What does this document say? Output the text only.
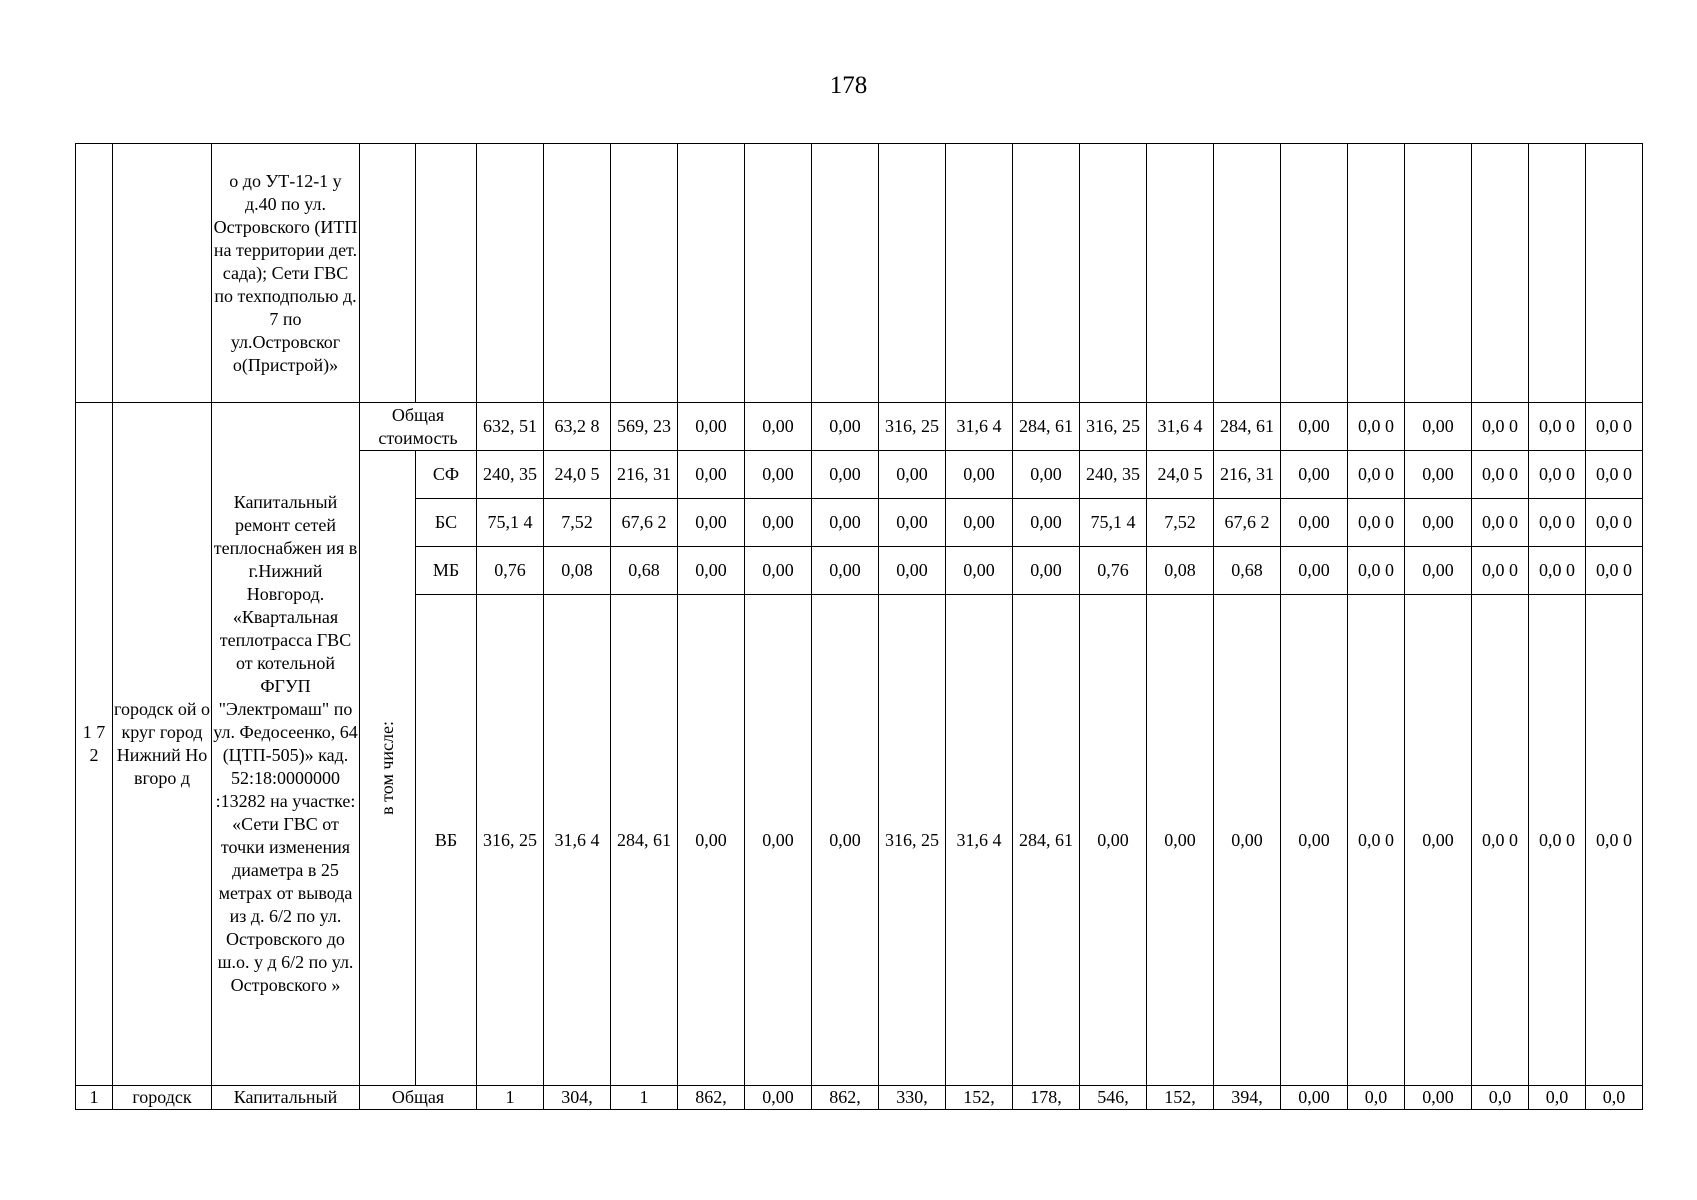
178
		о до УТ-12-1 у д.40 по ул. Островского (ИТП на территории дет. сада); Сети ГВС по техподполью д. 7 по ул.Островског о(Пристрой)»																				
1 7 2	городск ой округ город Нижний Новгоро д	Капитальный ремонт сетей теплоснабжен ия в г.Нижний Новгород. «Квартальная теплотрасса ГВС от котельной ФГУП "Электромаш" по ул. Федосеенко, 64 (ЦТП-505)» кад. 52:18:0000000 :13282 на участке: «Сети ГВС от точки изменения диаметра в 25 метрах от вывода из д. 6/2 по ул. Островского до ш.о. у д 6/2 по ул. Островского »	Общая стоимость		632, 51	63,2 8	569, 23	0,00	0,00	0,00	316, 25	31,6 4	284, 61	316, 25	31,6 4	284, 61	0,00	0,0 0	0,00	0,0 0	0,0 0	0,0 0

			в том числе:	СФ	240, 35	24,0 5	216, 31	0,00	0,00	0,00	0,00	0,00	0,00	240, 35	24,0 5	216, 31	0,00	0,0 0	0,00	0,0 0	0,0 0	0,0 0
				БС	75,1 4	7,52	67,6 2	0,00	0,00	0,00	0,00	0,00	0,00	75,1 4	7,52	67,6 2	0,00	0,0 0	0,00	0,0 0	0,0 0	0,0 0
				МБ	0,76	0,08	0,68	0,00	0,00	0,00	0,00	0,00	0,00	0,76	0,08	0,68	0,00	0,0 0	0,00	0,0 0	0,0 0	0,0 0
				ВБ	316, 25	31,6 4	284, 61	0,00	0,00	0,00	316, 25	31,6 4	284, 61	0,00	0,00	0,00	0,00	0,0 0	0,00	0,0 0	0,0 0	0,0 0
1	городск	Капитальный	Общая		1	304,	1	862,	0,00	862,	330,	152,	178,	546,	152,	394,	0,00	0,0	0,00	0,0	0,0	0,0
